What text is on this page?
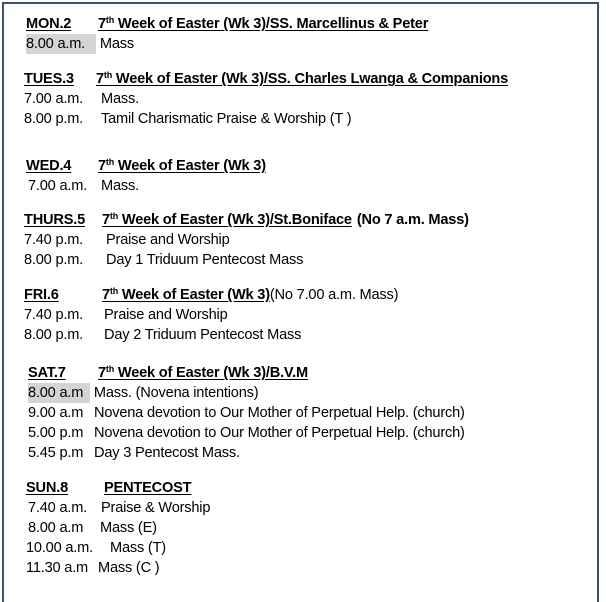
MON.2 7th Week of Easter (Wk 3)/SS. Marcellinus & Peter
8.00 a.m. Mass
TUES.3 7th Week of Easter (Wk 3)/SS. Charles Lwanga & Companions
7.00 a.m. Mass.
8.00 p.m. Tamil Charismatic Praise & Worship (T )
WED.4 7th Week of Easter (Wk 3)
7.00 a.m. Mass.
THURS.5 7th Week of Easter (Wk 3)/St.Boniface (No 7 a.m. Mass)
7.40 p.m. Praise and Worship
8.00 p.m. Day 1 Triduum Pentecost Mass
FRI.6	7th Week of Easter (Wk 3)(No 7.00 a.m. Mass)
7.40 p.m. Praise and Worship
8.00 p.m. Day 2 Triduum Pentecost Mass
SAT.7 7th Week of Easter (Wk 3)/B.V.M
8.00 a.m Mass. (Novena intentions)
9.00 a.m Novena devotion to Our Mother of Perpetual Help. (church)
5.00 p.m Novena devotion to Our Mother of Perpetual Help. (church)
5.45 p.m Day 3 Pentecost Mass.
SUN.8 PENTECOST
7.40 a.m. Praise & Worship
8.00 a.m Mass (E)
10.00 a.m. Mass (T)
11.30 a.m Mass (C )
